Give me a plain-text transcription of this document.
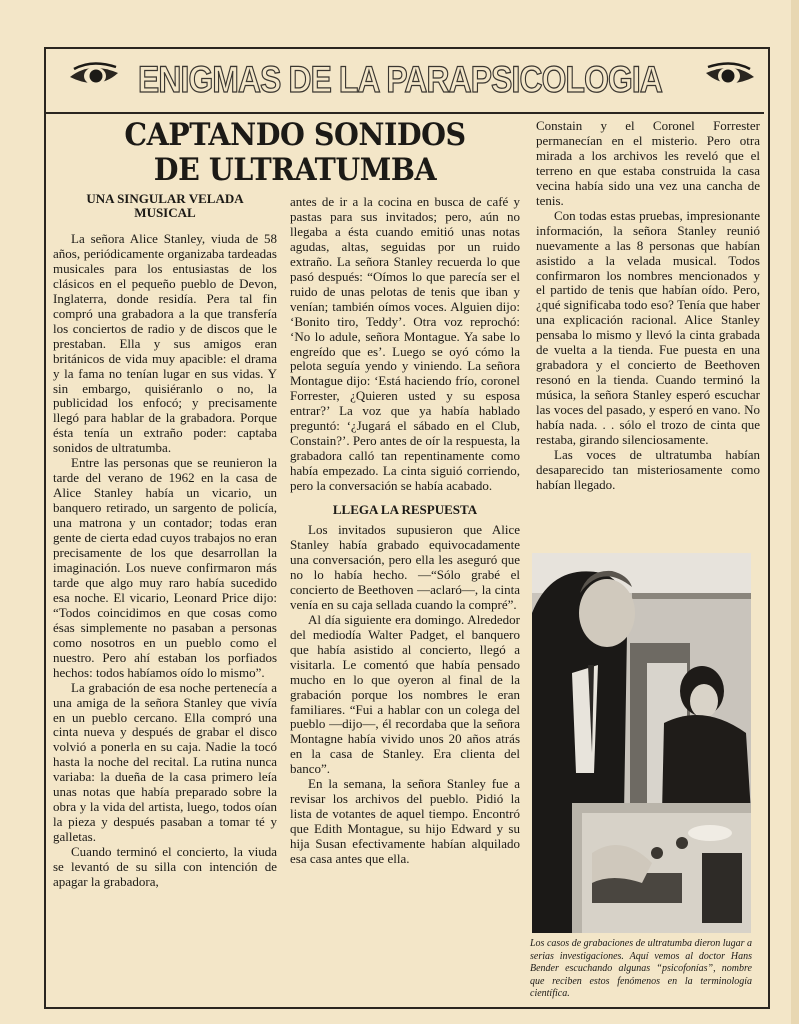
ENIGMAS DE LA PARAPSICOLOGIA
CAPTANDO SONIDOS
DE ULTRATUMBA

UNA SINGULAR VELADA MUSICAL

La señora Alice Stanley, viuda de 58 años, periódicamente organizaba tardeadas musicales para los entusiastas de los clásicos en el pequeño pueblo de Devon, Inglaterra, donde residía. Pera tal fin compró una grabadora a la que transfería los conciertos de radio y de discos que le prestaban. Ella y sus amigos eran británicos de vida muy apacible: el drama y la fama no tenían lugar en sus vidas. Y sin embargo, quisiéranlo o no, la publicidad los enfocó; y precisamente llegó para hablar de la grabadora. Porque ésta tenía un extraño poder: captaba sonidos de ultratumba.

Entre las personas que se reunieron la tarde del verano de 1962 en la casa de Alice Stanley había un vicario, un banquero retirado, un sargento de policía, una matrona y un contador; todas eran gente de cierta edad cuyos trabajos no eran precisamente de los que desarrollan la imaginación. Los nueve confirmaron más tarde que algo muy raro había sucedido esa noche. El vicario, Leonard Price dijo: “Todos coincidimos en que cosas como ésas simplemente no pasaban a personas como nosotros en un pueblo como el nuestro. Pero ahí estaban los porfiados hechos: todos habíamos oído lo mismo”.

La grabación de esa noche pertenecía a una amiga de la señora Stanley que vivía en un pueblo cercano. Ella compró una cinta nueva y después de grabar el disco volvió a ponerla en su caja. Nadie la tocó hasta la noche del recital. La rutina nunca variaba: la dueña de la casa primero leía unas notas que había preparado sobre la obra y la vida del artista, luego, todos oían la pieza y después pasaban a tomar té y galletas.

Cuando terminó el concierto, la viuda se levantó de su silla con intención de apagar la grabadora,

antes de ir a la cocina en busca de café y pastas para sus invitados; pero, aún no llegaba a ésta cuando emitió unas notas agudas, altas, seguidas por un ruido extraño. La señora Stanley recuerda lo que pasó después: “Oímos lo que parecía ser el ruido de unas pelotas de tenis que iban y venían; también oímos voces. Alguien dijo: ‘Bonito tiro, Teddy’. Otra voz reprochó: ‘No lo adule, señora Montague. Ya sabe lo engreído que es’. Luego se oyó cómo la pelota seguía yendo y viniendo. La señora Montague dijo: ‘Está haciendo frío, coronel Forrester, ¿Quieren usted y su esposa entrar?’ La voz que ya había hablado preguntó: ‘¿Jugará el sábado en el Club, Constain?’. Pero antes de oír la respuesta, la grabadora calló tan repentinamente como había empezado. La cinta siguió corriendo, pero la conversación se había acabado.

LLEGA LA RESPUESTA

Los invitados supusieron que Alice Stanley había grabado equivocadamente una conversación, pero ella les aseguró que no lo había hecho. —“Sólo grabé el concierto de Beethoven —aclaró—, la cinta venía en su caja sellada cuando la compré”.

Al día siguiente era domingo. Alrededor del mediodía Walter Padget, el banquero que había asistido al concierto, llegó a visitarla. Le comentó que había pensado mucho en lo que oyeron al final de la grabación porque los nombres le eran familiares. “Fui a hablar con un colega del pueblo —dijo—, él recordaba que la señora Montagne había vivido unos 20 años atrás en la casa de Stanley. Era clienta del banco”.

En la semana, la señora Stanley fue a revisar los archivos del pueblo. Pidió la lista de votantes de aquel tiempo. Encontró que Edith Montague, su hijo Edward y su hija Susan efectivamente habían alquilado esa casa antes que ella.

Constain y el Coronel Forrester permanecían en el misterio. Pero otra mirada a los archivos les reveló que el terreno en que estaba construida la casa vecina había sido una vez una cancha de tenis.

Con todas estas pruebas, impresionante información, la señora Stanley reunió nuevamente a las 8 personas que habían asistido a la velada musical. Todos confirmaron los nombres mencionados y el partido de tenis que habían oído. Pero, ¿qué significaba todo eso? Tenía que haber una explicación racional. Alice Stanley pensaba lo mismo y llevó la cinta grabada de vuelta a la tienda. Fue puesta en una grabadora y el concierto de Beethoven resonó en la tienda. Cuando terminó la música, la señora Stanley esperó escuchar las voces del pasado, y esperó en vano. No había nada. . . sólo el trozo de cinta que restaba, girando silenciosamente.

Las voces de ultratumba habían desaparecido tan misteriosamente como habían llegado.

Los casos de grabaciones de ultratumba dieron lugar a serias investigaciones. Aquí vemos al doctor Hans Bender escuchando algunas “psicofonías”, nombre que reciben estos fenómenos en la terminología científica.
